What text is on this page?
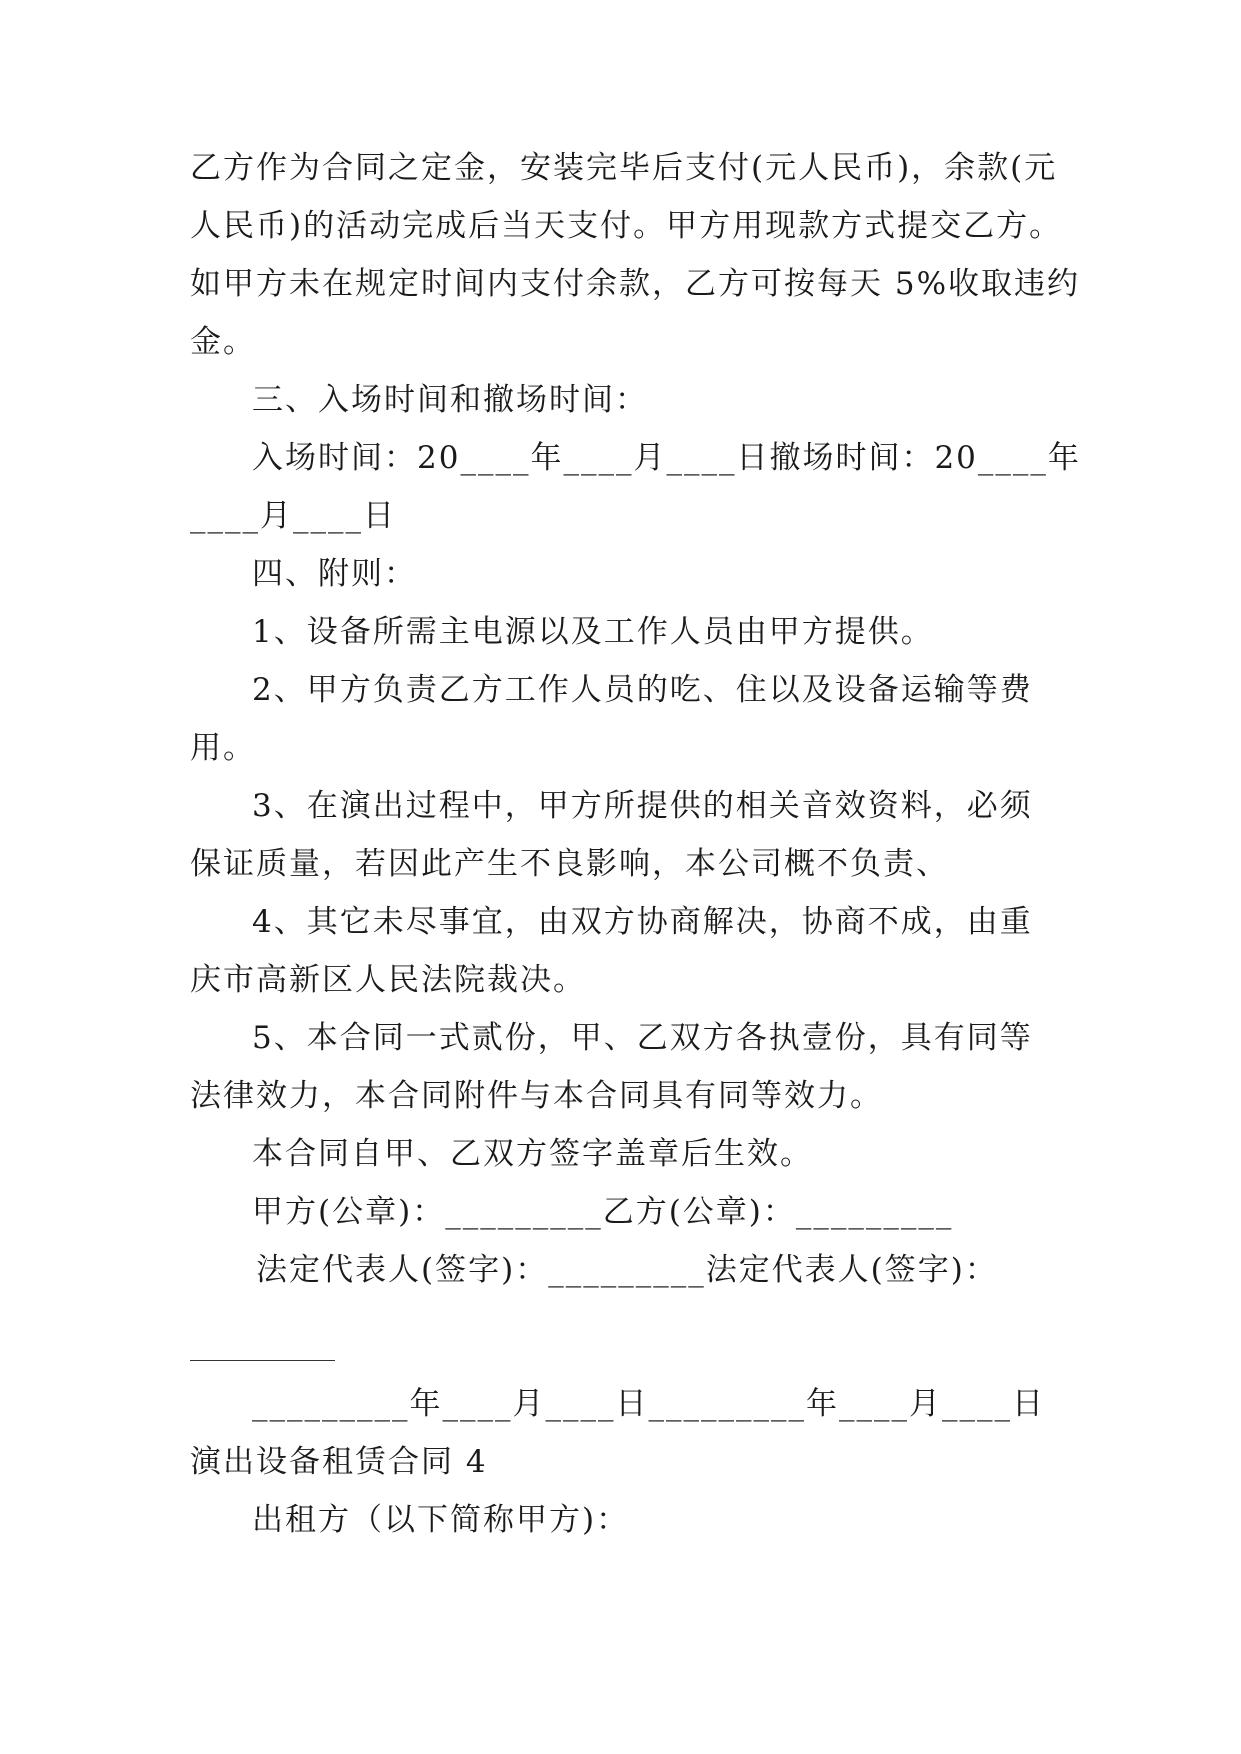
乙方作为合同之定金，安装完毕后支付(元人民币)，余款(元
人民币)的活动完成后当天支付。甲方用现款方式提交乙方。
如甲方未在规定时间内支付余款，乙方可按每天 5%收取违约
金。
三、入场时间和撤场时间：
入场时间：20____年____月____日撤场时间：20____年
____月____日
四、附则：
1、设备所需主电源以及工作人员由甲方提供。
2、甲方负责乙方工作人员的吃、住以及设备运输等费
用。
3、在演出过程中，甲方所提供的相关音效资料，必须
保证质量，若因此产生不良影响，本公司概不负责、
4、其它未尽事宜，由双方协商解决，协商不成，由重
庆市高新区人民法院裁决。
5、本合同一式贰份，甲、乙双方各执壹份，具有同等
法律效力，本合同附件与本合同具有同等效力。
本合同自甲、乙双方签字盖章后生效。
甲方(公章)：_________乙方(公章)：_________
法定代表人(签字)：_________法定代表人(签字)：
_________年____月____日_________年____月____日
演出设备租赁合同 4
出租方（以下简称甲方)：
